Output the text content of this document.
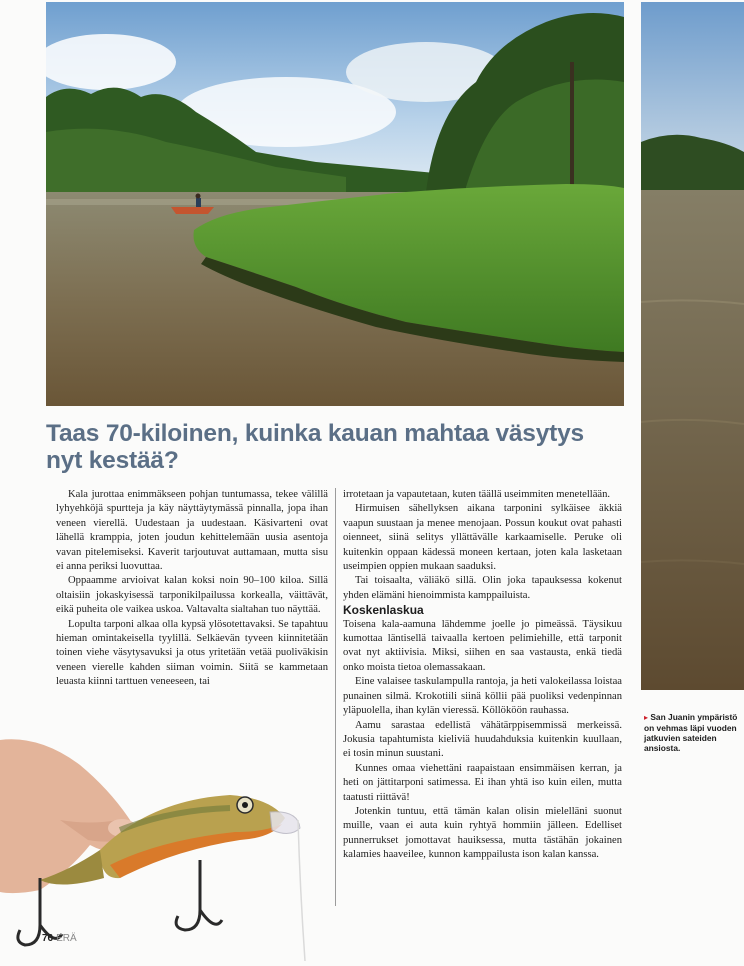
Taas 70-kiloinen, kuinka kauan mahtaa väsytys nyt kestää?

Kala jurottaa enimmäkseen pohjan tuntumassa, tekee välillä lyhyehköjä spurtteja ja käy näyttäytymässä pinnalla, jopa ihan veneen vierellä. Uudestaan ja uudestaan. Käsivarteni ovat lähellä kramppia, joten joudun kehittelemään uusia asentoja vavan pitelemiseksi. Kaverit tarjoutuvat auttamaan, mutta sisu ei anna periksi luovuttaa.

Oppaamme arvioivat kalan koksi noin 90–100 kiloa. Sillä oltaisiin jokaskyisessä tarponikilpailussa korkealla, väittävät, eikä puheita ole vaikea uskoa. Valtavalta sialtahan tuo näyttää.

Lopulta tarponi alkaa olla kypsä ylösotettavaksi. Se tapahtuu hieman omintakeisella tyylillä. Selkäevän tyveen kiinnitetään toinen viehe väsytysavuksi ja otus yritetään vetää puoliväkisin veneen vierelle kahden siiman voimin. Siitä se kammetaan leuasta kiinni tarttuen veneeseen, tai

irrotetaan ja vapautetaan, kuten täällä useimmiten menetellään.

Hirmuisen sähellyksen aikana tarponini sylkäisee äkkiä vaapun suustaan ja menee menojaan. Possun koukut ovat pahasti oienneet, siinä selitys yllättävälle karkaamiselle. Peruke oli kuitenkin oppaan kädessä moneen kertaan, joten kala lasketaan useimpien oppien mukaan saaduksi.

Tai toisaalta, väliäkö sillä. Olin joka tapauksessa kokenut yhden elämäni hienoimmista kamppailuista.

Koskenlaskua

Toisena kala-aamuna lähdemme joelle jo pimeässä. Täysikuu kumottaa läntisellä taivaalla kertoen pelimiehille, että tarponit ovat nyt aktiivisia. Miksi, siihen en saa vastausta, enkä tiedä onko moista tietoa olemassakaan.

Eine valaisee taskulampulla rantoja, ja heti valokeilassa loistaa punainen silmä. Krokotiili siinä köllii pää puoliksi vedenpinnan yläpuolella, ihan kylän vieressä. Köllököön rauhassa.

Aamu sarastaa edellistä vähätärppisemmissä merkeissä. Jokusia tapahtumista kieliviä huudahduksia kuitenkin kuullaan, ei tosin minun suustani.

Kunnes omaa viehettäni raapaistaan ensimmäisen kerran, ja heti on jättitarponi satimessa. Ei ihan yhtä iso kuin eilen, mutta taatusti riittävä!

Jotenkin tuntuu, että tämän kalan olisin mielelläni suonut muille, vaan ei auta kuin ryhtyä hommiin jälleen. Edelliset punnerrukset jomottavat hauiksessa, mutta tästähän jokainen kalamies haaveilee, kunnon kamppailusta ison kalan kanssa.

▸ San Juanin ympäristö on vehmas läpi vuoden jatkuvien sateiden ansiosta.
76 ERÄ
